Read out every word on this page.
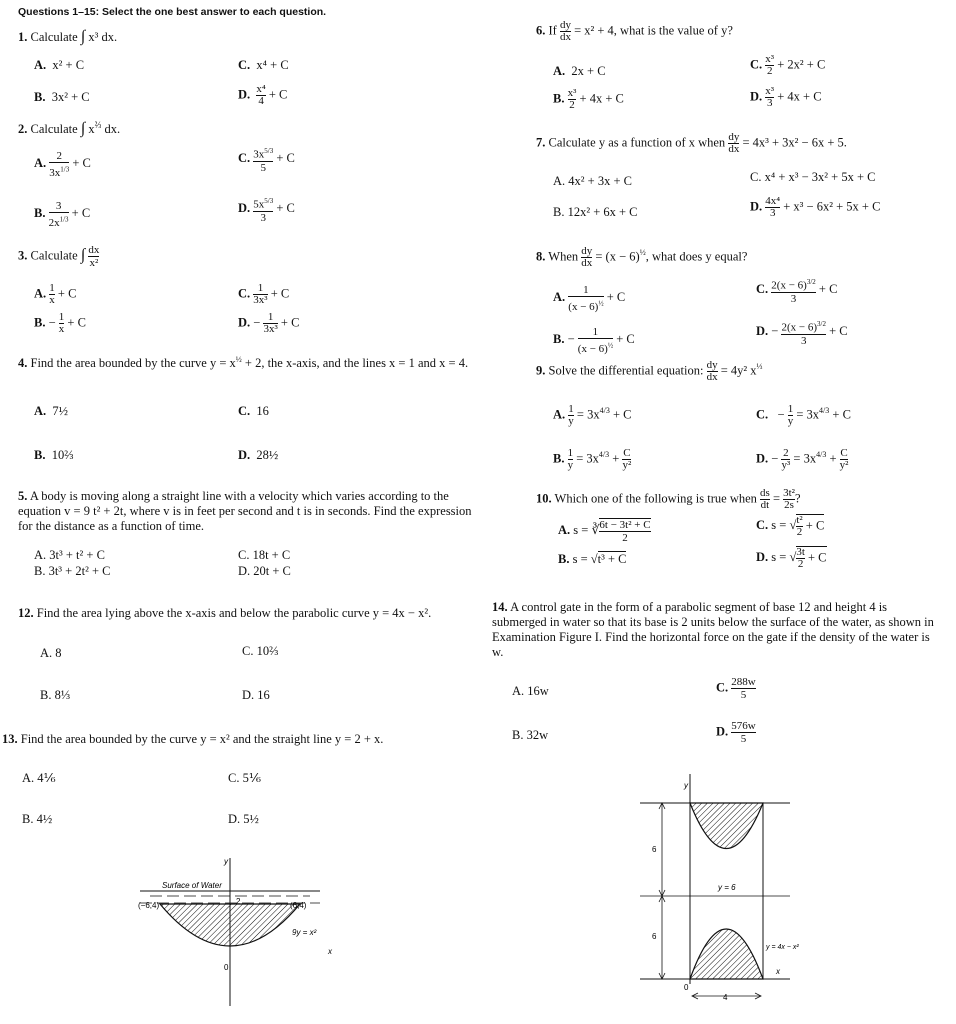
Questions 1–15: Select the one best answer to each question.
1. Calculate ∫ x³ dx.
A.  x² + C
B.  3x² + C
C.  x⁴ + C
D. $\frac{\text{x⁴}}{4} + C$
2. Calculate ∫ $x^{\frac{2}{3}}$ dx.
A. $\frac{2}{3x^{1/3}} + C$
B. $\frac{3}{2x^{1/3}} + C$
C. $\frac{3x^{5/3}}{5} + C$
D. $\frac{5x^{5/3}}{3} + C$
3. Calculate ∫ $\frac{dx}{\text{x²}}$
A. $\frac{1}{x} + C$
B. − $\frac{1}{x} + C$
C. $\frac{1}{\text{3x³}} + C$
D. − $\frac{1}{\text{3x³}} + C$
4. Find the area bounded by the curve $y = x^{\frac{1}{2}} + 2$, the x-axis, and the lines x = 1 and x = 4.
A.  7½
B.  10⅔
C.  16
D.  28½
5. A body is moving along a straight line with a velocity which varies according to the equation v = 9 t² + 2t, where v is in feet per second and t is in seconds. Find the expression for the distance as a function of time.
A. 3t³ + t² + C
B. 3t³ + 2t² + C
C. 18t + C
D. 20t + C
12. Find the area lying above the x-axis and below the parabolic curve y = 4x − x².
A. 8
B. 8⅓
C. 10⅔
D. 16
13. Find the area bounded by the curve y = x² and the straight line y = 2 + x.
A. 4⅙
B. 4½
C. 5⅙
D. 5½
y
Surface of Water
(−6,4)	(6,4)
2
9y = x²
0
x
6. If $\frac{dy}{dx} = x^2 + 4$, what is the value of y?
A.  2x + C
B. $\frac{\text{x³}}{2} + 4x + C$
C. $\frac{\text{x³}}{2} + 2x^2 + C$
D. $\frac{\text{x³}}{3} + 4x + C$
7. Calculate y as a function of x when $\frac{dy}{dx} = 4x^3 + 3x^2 - 6x + 5$.
A. 4x² + 3x + C
B. 12x² + 6x + C
C. x⁴ + x³ − 3x² + 5x + C
D. $\frac{\text{4x⁴}}{3} + x^3 - 6x^2 + 5x + C$
8. When $\frac{dy}{dx} = (x - 6)^{\frac{1}{2}}$, what does y equal?
A. $\frac{1}{(x - 6)^{\frac{1}{2}}} + C$
B. − $\frac{1}{(x - 6)^{\frac{1}{2}}} + C$
C. $\frac{2(x - 6)^{3/2}}{3} + C$
D. − $\frac{2(x - 6)^{3/2}}{3} + C$
9. Solve the differential equation: $\frac{dy}{dx} = 4y^2$ $x^{\frac{1}{3}}$
A. $\frac{1}{y} = 3x^{4/3} + C$
B. $\frac{1}{y} = 3x^{4/3} + \frac{C}{\text{y²}}$
C.   − $\frac{1}{y} = 3x^{4/3} + C$
D. − $\frac{2}{\text{y³}} = 3x^{4/3} + \frac{C}{\text{y²}}$
10. Which one of the following is true when $\frac{ds}{dt} = \frac{\text{3t²}}{2s}$?
A. s = ∛ $\frac{\text{6t − 3t² + C}}{2}$
B. s = √t³ + C
C. s = √ $\frac{\text{t²}}{2} + C$
D. s = √ $\frac{3t}{2} + C$
14. A control gate in the form of a parabolic segment of base 12 and height 4 is submerged in water so that its base is 2 units below the surface of the water, as shown in Examination Figure I. Find the horizontal force on the gate if the density of the water is w.
A. 16w
B. 32w
C. $\frac{288w}{5}$
D. $\frac{576w}{5}$
y
y = 6
6
6
y = 4x − x²
x
0
4
